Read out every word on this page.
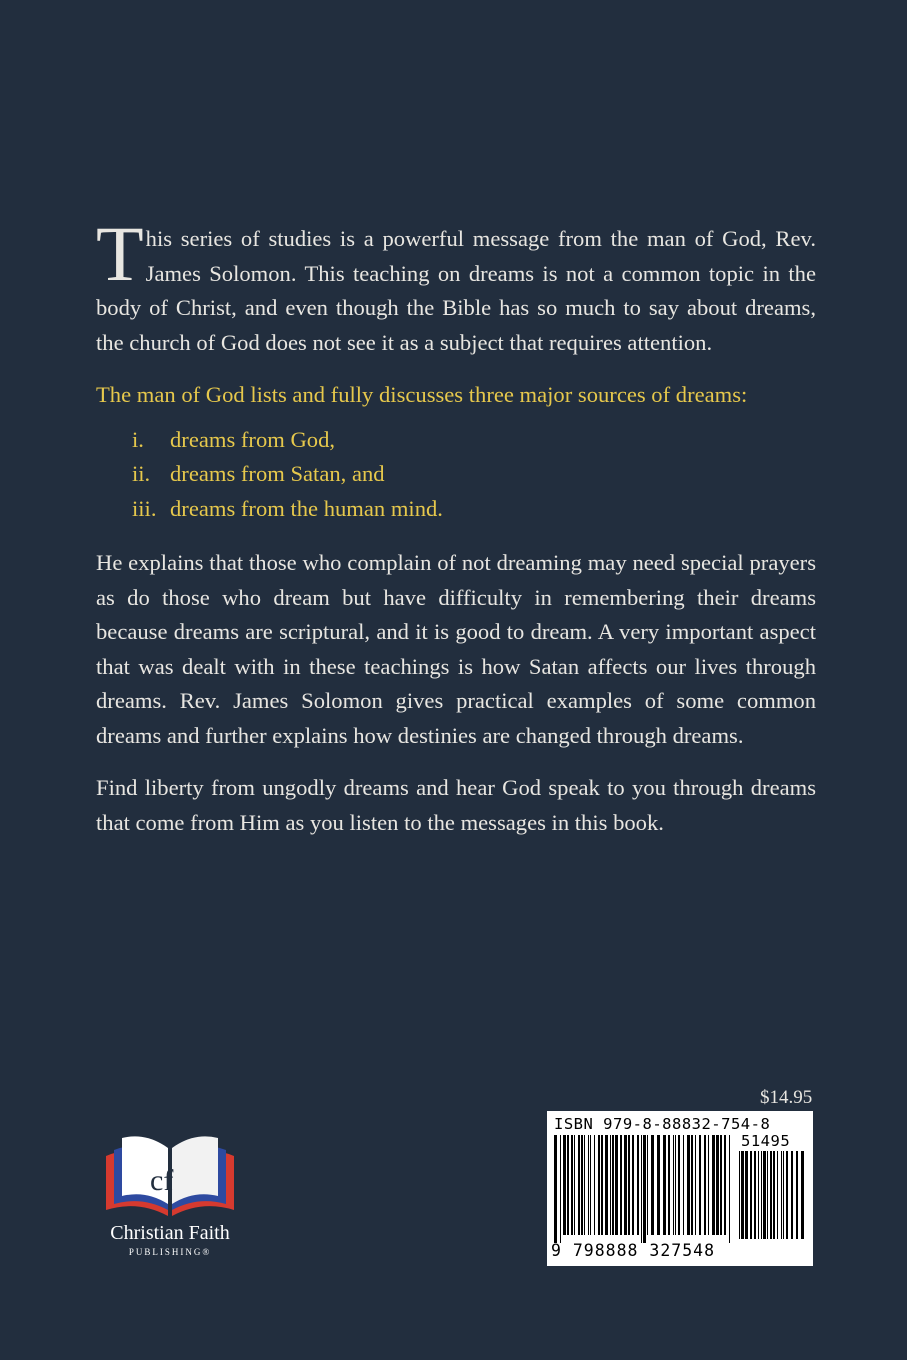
This series of studies is a powerful message from the man of God, Rev. James Solomon. This teaching on dreams is not a common topic in the body of Christ, and even though the Bible has so much to say about dreams, the church of God does not see it as a subject that requires attention.

The man of God lists and fully discusses three major sources of dreams:

i.	dreams from God,
ii. dreams from Satan, and
iii. dreams from the human mind.

He explains that those who complain of not dreaming may need special prayers as do those who dream but have difficulty in remembering their dreams because dreams are scriptural, and it is good to dream. A very important aspect that was dealt with in these teachings is how Satan affects our lives through dreams. Rev. James Solomon gives practical examples of some common dreams and further explains how destinies are changed through dreams.

Find liberty from ungodly dreams and hear God speak to you through dreams that come from Him as you listen to the messages in this book.

$14.95
ISBN 979-8-88832-754-8
51495
9 798888 327548
cf
Christian Faith
PUBLISHING®
